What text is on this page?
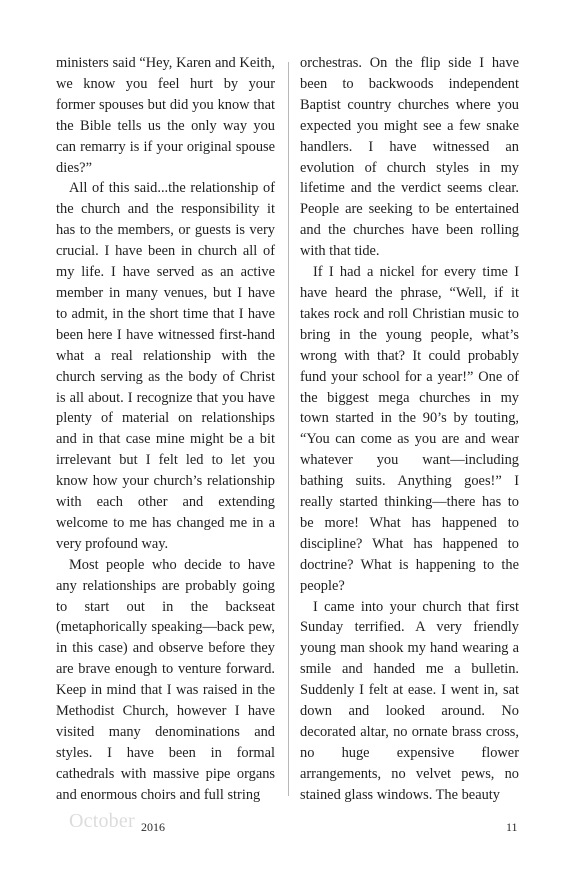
ministers said “Hey, Karen and Keith, we know you feel hurt by your former spouses but did you know that the Bible tells us the only way you can remarry is if your original spouse dies?”

All of this said...the relationship of the church and the responsibility it has to the members, or guests is very crucial. I have been in church all of my life. I have served as an active member in many venues, but I have to admit, in the short time that I have been here I have witnessed first-hand what a real relationship with the church serving as the body of Christ is all about. I recognize that you have plenty of material on relationships and in that case mine might be a bit irrelevant but I felt led to let you know how your church’s relationship with each other and extending welcome to me has changed me in a very profound way.

Most people who decide to have any relationships are probably going to start out in the backseat (metaphorically speaking—back pew, in this case) and observe before they are brave enough to venture forward. Keep in mind that I was raised in the Methodist Church, however I have visited many denominations and styles. I have been in formal cathedrals with massive pipe organs and enormous choirs and full string

orchestras. On the flip side I have been to backwoods independent Baptist country churches where you expected you might see a few snake handlers. I have witnessed an evolution of church styles in my lifetime and the verdict seems clear. People are seeking to be entertained and the churches have been rolling with that tide.

If I had a nickel for every time I have heard the phrase, “Well, if it takes rock and roll Christian music to bring in the young people, what’s wrong with that? It could probably fund your school for a year!” One of the biggest mega churches in my town started in the 90’s by touting, “You can come as you are and wear whatever you want—including bathing suits. Anything goes!” I really started thinking—there has to be more! What has happened to discipline? What has happened to doctrine? What is happening to the people?

I came into your church that first Sunday terrified. A very friendly young man shook my hand wearing a smile and handed me a bulletin. Suddenly I felt at ease. I went in, sat down and looked around. No decorated altar, no ornate brass cross, no huge expensive flower arrangements, no velvet pews, no stained glass windows. The beauty

October 2016	11
